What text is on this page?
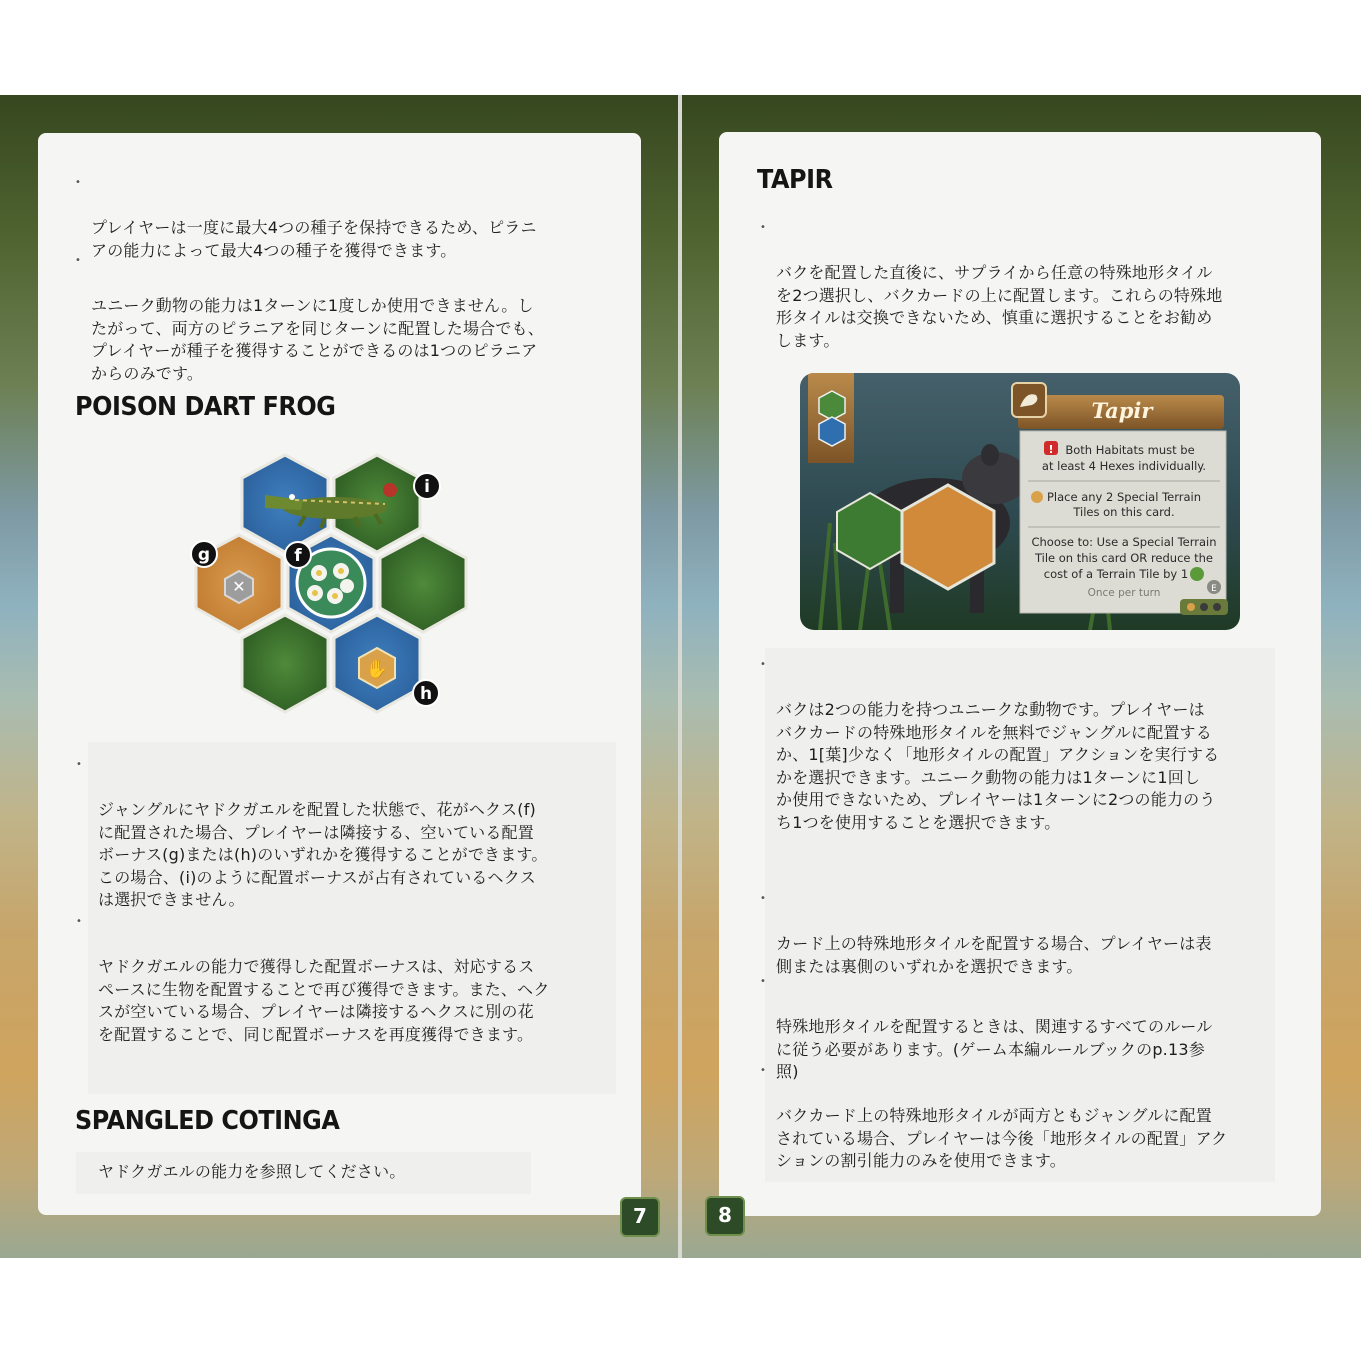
•

プレイヤーは一度に最大4つの種子を保持できるため、ピラニ
アの能力によって最大4つの種子を獲得できます。

•

ユニーク動物の能力は1ターンに1度しか使用できません。し
たがって、両方のピラニアを同じターンに配置した場合でも、
プレイヤーが種子を獲得することができるのは1つのピラニア
からのみです。

POISON DART FROG
✕
✋
i
f
g
h

•

ジャングルにヤドクガエルを配置した状態で、花がヘクス(f)
に配置された場合、プレイヤーは隣接する、空いている配置
ボーナス(g)または(h)のいずれかを獲得することができます。
この場合、(i)のように配置ボーナスが占有されているヘクス
は選択できません。

•

ヤドクガエルの能力で獲得した配置ボーナスは、対応するス
ペースに生物を配置することで再び獲得できます。また、ヘク
スが空いている場合、プレイヤーは隣接するヘクスに別の花
を配置することで、同じ配置ボーナスを再度獲得できます。

SPANGLED COTINGA
ヤドクガエルの能力を参照してください。
7
TAPIR

•

バクを配置した直後に、サプライから任意の特殊地形タイル
を2つ選択し、バクカードの上に配置します。これらの特殊地
形タイルは交換できないため、慎重に選択することをお勧め
します。

Tapir
! Both Habitats must be
at least 4 Hexes individually.
Place any 2 Special Terrain
Tiles on this card.
Choose to: Use a Special Terrain
Tile on this card OR reduce the
cost of a Terrain Tile by 1
Once per turn	E

•

バクは2つの能力を持つユニークな動物です。プレイヤーは
バクカードの特殊地形タイルを無料でジャングルに配置する
か、1[葉]少なく「地形タイルの配置」アクションを実行する
かを選択できます。ユニーク動物の能力は1ターンに1回し
か使用できないため、プレイヤーは1ターンに2つの能力のう
ち1つを使用することを選択できます。

•

カード上の特殊地形タイルを配置する場合、プレイヤーは表
側または裏側のいずれかを選択できます。

•

特殊地形タイルを配置するときは、関連するすべてのルール
に従う必要があります。(ゲーム本編ルールブックのp.13参
照)

•

バクカード上の特殊地形タイルが両方ともジャングルに配置
されている場合、プレイヤーは今後「地形タイルの配置」アク
ションの割引能力のみを使用できます。

8
